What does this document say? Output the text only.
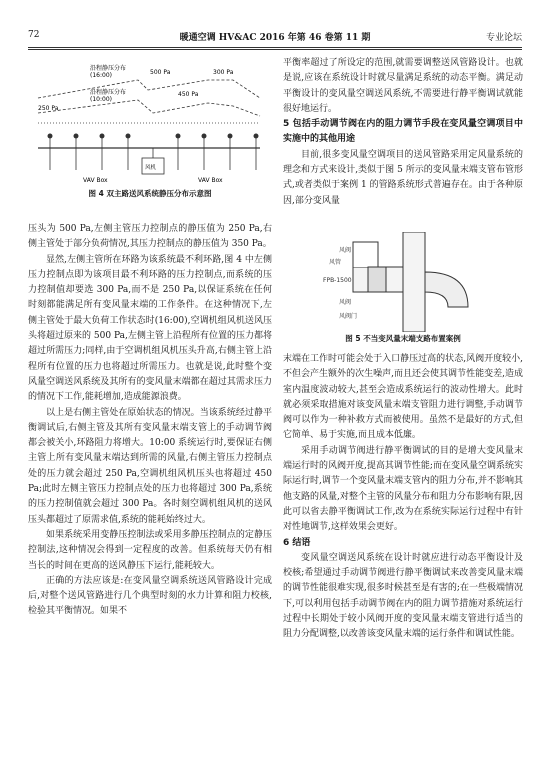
72	暖通空调 HV&AC 2016 年第 46 卷第 11 期	专业论坛
沿程静压分布
(16:00)
沿程静压分布
(10:00)
500 Pa	300 Pa
450 Pa
250 Pa
风机
VAV Box	VAV Box
图 4 双主路送风系统静压分布示意图

压头为 500 Pa,左侧主管压力控制点的静压值为 250 Pa,右侧主管处于部分负荷情况,其压力控制点的静压值为 350 Pa。

显然,左侧主管所在环路为该系统最不利环路,图 4 中左侧压力控制点即为该项目最不利环路的压力控制点,而系统的压力控制值却要选 300 Pa,而不是 250 Pa,以保证系统在任何时刻都能满足所有变风量末端的工作条件。在这种情况下,左侧主管处于最大负荷工作状态时(16:00),空调机组风机送风压头将超过原来的 500 Pa,左侧主管上沿程所有位置的压力都将超过所需压力;同样,由于空调机组风机压头升高,右侧主管上沿程所有位置的压力也将超过所需压力。也就是说,此时整个变风量空调送风系统及其所有的变风量末端都在超过其需求压力的情况下工作,能耗增加,造成能源浪费。

以上是右侧主管处在原始状态的情况。当该系统经过静平衡调试后,右侧主管及其所有变风量末端支管上的手动调节阀都会被关小,环路阻力将增大。10:00 系统运行时,要保证右侧主管上所有变风量末端达到所需的风量,右侧主管压力控制点处的压力就会超过 250 Pa,空调机组风机压头也将超过 450 Pa;此时左侧主管压力控制点处的压力也将超过 300 Pa,系统的压力控制值就会超过 300 Pa。各时刻空调机组风机的送风压头都超过了原需求值,系统的能耗始终过大。

如果系统采用变静压控制法或采用多静压控制点的定静压控制法,这种情况会得到一定程度的改善。但系统每天仍有相当长的时间在更高的送风静压下运行,能耗较大。

正确的方法应该是:在变风量空调系统送风管路设计完成后,对整个送风管路进行几个典型时刻的水力计算和阻力校核,检验其平衡情况。如果不

平衡率超过了所设定的范围,就需要调整送风管路设计。也就是说,应该在系统设计时就尽量满足系统的动态平衡。满足动平衡设计的变风量空调送风系统,不需要进行静平衡调试就能很好地运行。

5 包括手动调节阀在内的阻力调节手段在变风量空调项目中实施中的其他用途

目前,很多变风量空调项目的送风管路采用定风量系统的理念和方式来设计,类似于图 5 所示的变风量末端支管布管形式,或者类似于案例 1 的管路系统形式普遍存在。由于各种原因,部分变风量

风阀
风管
FPB-1500
风阀
风阀门
图 5 不当变风量末端支路布置案例

末端在工作时可能会处于入口静压过高的状态,风阀开度较小,不但会产生额外的次生噪声,而且还会使其调节性能变差,造成室内温度波动较大,甚至会造成系统运行的波动性增大。此时就必须采取措施对该变风量末端支管阻力进行调整,手动调节阀可以作为一种补救方式而被使用。虽然不是最好的方式,但它简单、易于实施,而且成本低廉。

采用手动调节阀进行静平衡调试的目的是增大变风量末端运行时的风阀开度,提高其调节性能;而在变风量空调系统实际运行时,调节一个变风量末端支管内的阻力分布,并不影响其他支路的风量,对整个主管的风量分布和阻力分布影响有限,因此可以省去静平衡调试工作,改为在系统实际运行过程中有针对性地调节,这样效果会更好。

6 结语

变风量空调送风系统在设计时就应进行动态平衡设计及校核;希望通过手动调节阀进行静平衡调试来改善变风量末端的调节性能很难实现,很多时候甚至是有害的;在一些极端情况下,可以利用包括手动调节阀在内的阻力调节措施对系统运行过程中长期处于较小风阀开度的变风量末端支管进行适当的阻力分配调整,以改善该变风量末端的运行条件和调试性能。
